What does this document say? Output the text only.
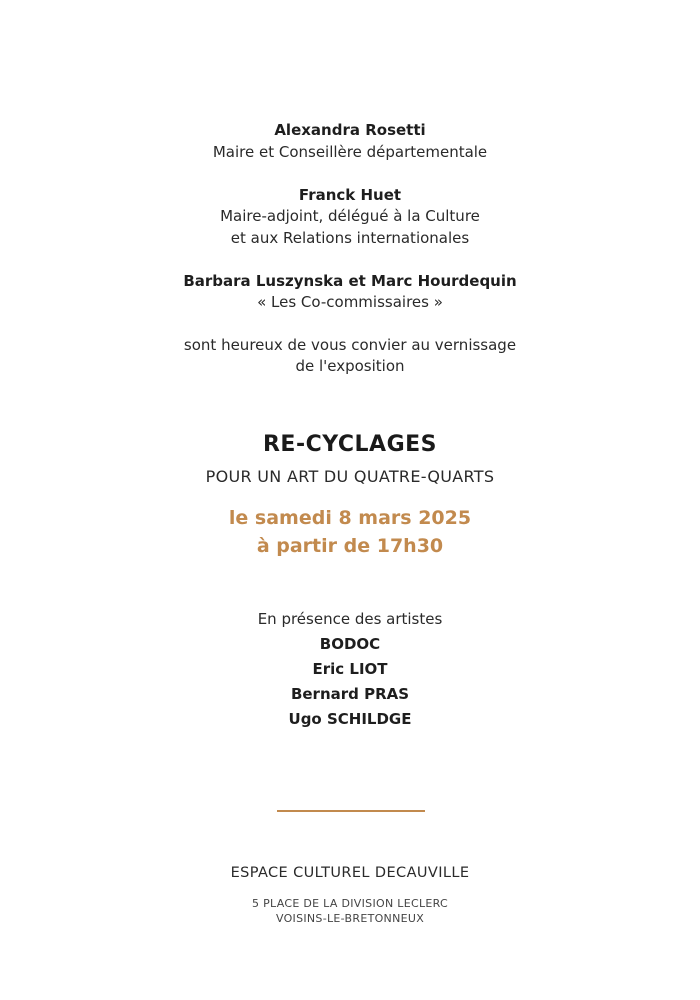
Alexandra Rosetti
Maire et Conseillère départementale
Franck Huet
Maire-adjoint, délégué à la Culture
et aux Relations internationales
Barbara Luszynska et Marc Hourdequin
« Les Co-commissaires »
sont heureux de vous convier au vernissage
de l'exposition
RE-CYCLAGES
POUR UN ART DU QUATRE-QUARTS
le samedi 8 mars 2025
à partir de 17h30
En présence des artistes
BODOC
Eric LIOT
Bernard PRAS
Ugo SCHILDGE
ESPACE CULTUREL DECAUVILLE
5 PLACE DE LA DIVISION LECLERC
VOISINS-LE-BRETONNEUX
